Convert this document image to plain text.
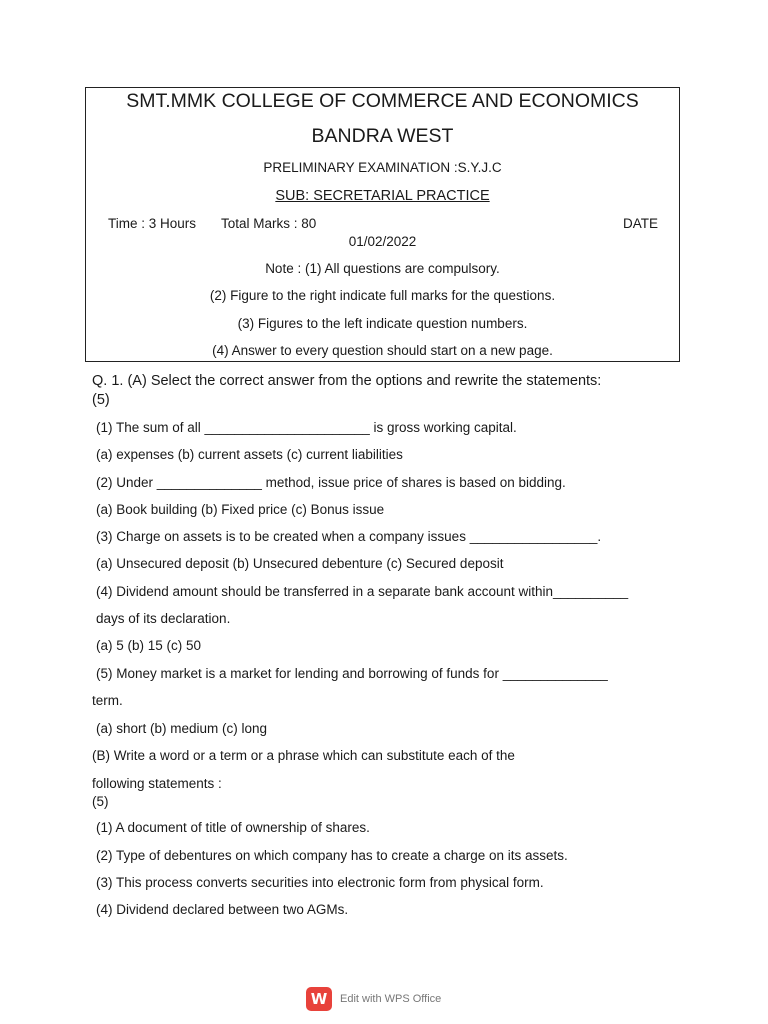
SMT.MMK COLLEGE OF COMMERCE AND ECONOMICS
BANDRA WEST
PRELIMINARY EXAMINATION :S.Y.J.C
SUB: SECRETARIAL PRACTICE
Time : 3 Hours Total Marks : 80	DATE
01/02/2022
Note : (1) All questions are compulsory.
(2) Figure to the right indicate full marks for the questions.
(3) Figures to the left indicate question numbers.
(4) Answer to every question should start on a new page.
Q. 1. (A) Select the correct answer from the options and rewrite the statements:
(5)
(1) The sum of all ______________________ is gross working capital.
(a) expenses (b) current assets (c) current liabilities
(2) Under ______________ method, issue price of shares is based on bidding.
(a) Book building (b) Fixed price (c) Bonus issue
(3) Charge on assets is to be created when a company issues _________________.
(a) Unsecured deposit (b) Unsecured debenture (c) Secured deposit
(4) Dividend amount should be transferred in a separate bank account within__________
days of its declaration.
(a) 5 (b) 15 (c) 50
(5) Money market is a market for lending and borrowing of funds for ______________
term.
(a) short (b) medium (c) long
(B) Write a word or a term or a phrase which can substitute each of the
following statements :
(5)
(1) A document of title of ownership of shares.
(2) Type of debentures on which company has to create a charge on its assets.
(3) This process converts securities into electronic form from physical form.
(4) Dividend declared between two AGMs.
W	Edit with WPS Office
